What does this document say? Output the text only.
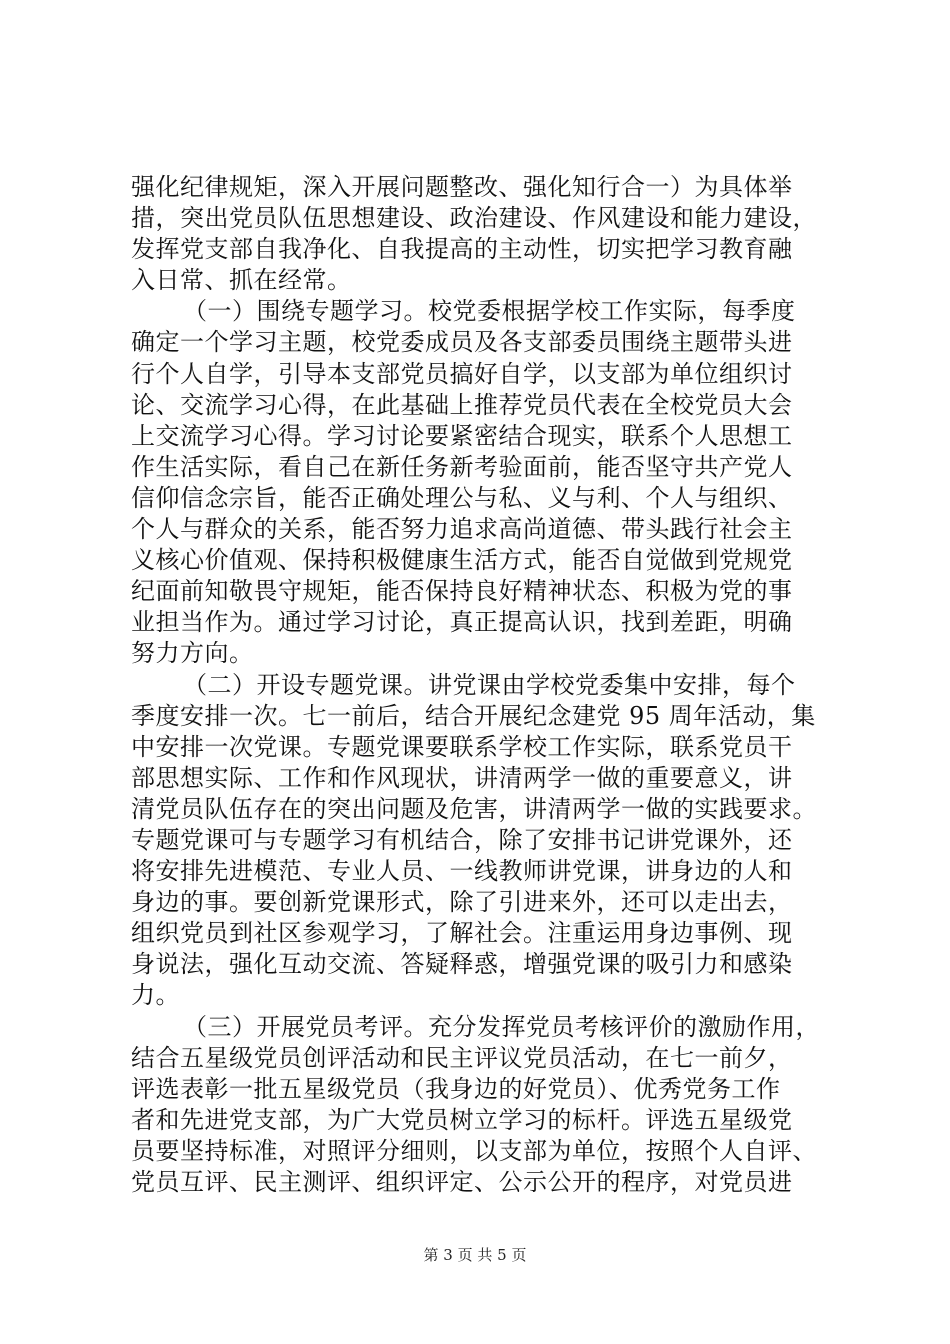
强化纪律规矩，深入开展问题整改、强化知行合一）为具体举
措，突出党员队伍思想建设、政治建设、作风建设和能力建设，
发挥党支部自我净化、自我提高的主动性，切实把学习教育融
入日常、抓在经常。
（一）围绕专题学习。校党委根据学校工作实际，每季度
确定一个学习主题，校党委成员及各支部委员围绕主题带头进
行个人自学，引导本支部党员搞好自学，以支部为单位组织讨
论、交流学习心得，在此基础上推荐党员代表在全校党员大会
上交流学习心得。学习讨论要紧密结合现实，联系个人思想工
作生活实际，看自己在新任务新考验面前，能否坚守共产党人
信仰信念宗旨，能否正确处理公与私、义与利、个人与组织、
个人与群众的关系，能否努力追求高尚道德、带头践行社会主
义核心价值观、保持积极健康生活方式，能否自觉做到党规党
纪面前知敬畏守规矩，能否保持良好精神状态、积极为党的事
业担当作为。通过学习讨论，真正提高认识，找到差距，明确
努力方向。
（二）开设专题党课。讲党课由学校党委集中安排，每个
季度安排一次。七一前后，结合开展纪念建党 95 周年活动，集
中安排一次党课。专题党课要联系学校工作实际，联系党员干
部思想实际、工作和作风现状，讲清两学一做的重要意义，讲
清党员队伍存在的突出问题及危害，讲清两学一做的实践要求。
专题党课可与专题学习有机结合，除了安排书记讲党课外，还
将安排先进模范、专业人员、一线教师讲党课，讲身边的人和
身边的事。要创新党课形式，除了引进来外，还可以走出去，
组织党员到社区参观学习，了解社会。注重运用身边事例、现
身说法，强化互动交流、答疑释惑，增强党课的吸引力和感染
力。
（三）开展党员考评。充分发挥党员考核评价的激励作用，
结合五星级党员创评活动和民主评议党员活动，在七一前夕，
评选表彰一批五星级党员（我身边的好党员）、优秀党务工作
者和先进党支部，为广大党员树立学习的标杆。评选五星级党
员要坚持标准，对照评分细则，以支部为单位，按照个人自评、
党员互评、民主测评、组织评定、公示公开的程序，对党员进
第 3 页 共 5 页
